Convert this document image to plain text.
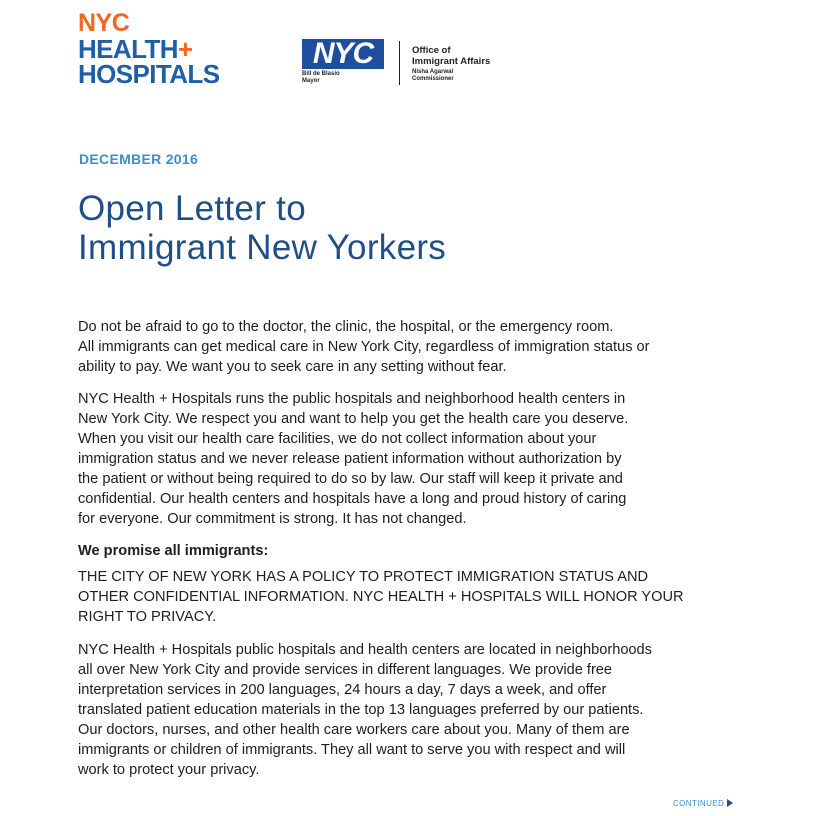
NYC
HEALTH+
HOSPITALS
NYC
Bill de Blasio
Mayor
Office of
Immigrant Affairs
Nisha Agarwal
Commissioner
DECEMBER 2016
Open Letter to
Immigrant New Yorkers
Do not be afraid to go to the doctor, the clinic, the hospital, or the emergency room.
All immigrants can get medical care in New York City, regardless of immigration status or
ability to pay. We want you to seek care in any setting without fear.
NYC Health + Hospitals runs the public hospitals and neighborhood health centers in
New York City. We respect you and want to help you get the health care you deserve.
When you visit our health care facilities, we do not collect information about your
immigration status and we never release patient information without authorization by
the patient or without being required to do so by law. Our staff will keep it private and
confidential. Our health centers and hospitals have a long and proud history of caring
for everyone. Our commitment is strong. It has not changed.
We promise all immigrants:
THE CITY OF NEW YORK HAS A POLICY TO PROTECT IMMIGRATION STATUS AND
OTHER CONFIDENTIAL INFORMATION. NYC HEALTH + HOSPITALS WILL HONOR YOUR
RIGHT TO PRIVACY.
NYC Health + Hospitals public hospitals and health centers are located in neighborhoods
all over New York City and provide services in different languages. We provide free
interpretation services in 200 languages, 24 hours a day, 7 days a week, and offer
translated patient education materials in the top 13 languages preferred by our patients.
Our doctors, nurses, and other health care workers care about you. Many of them are
immigrants or children of immigrants. They all want to serve you with respect and will
work to protect your privacy.
CONTINUED
